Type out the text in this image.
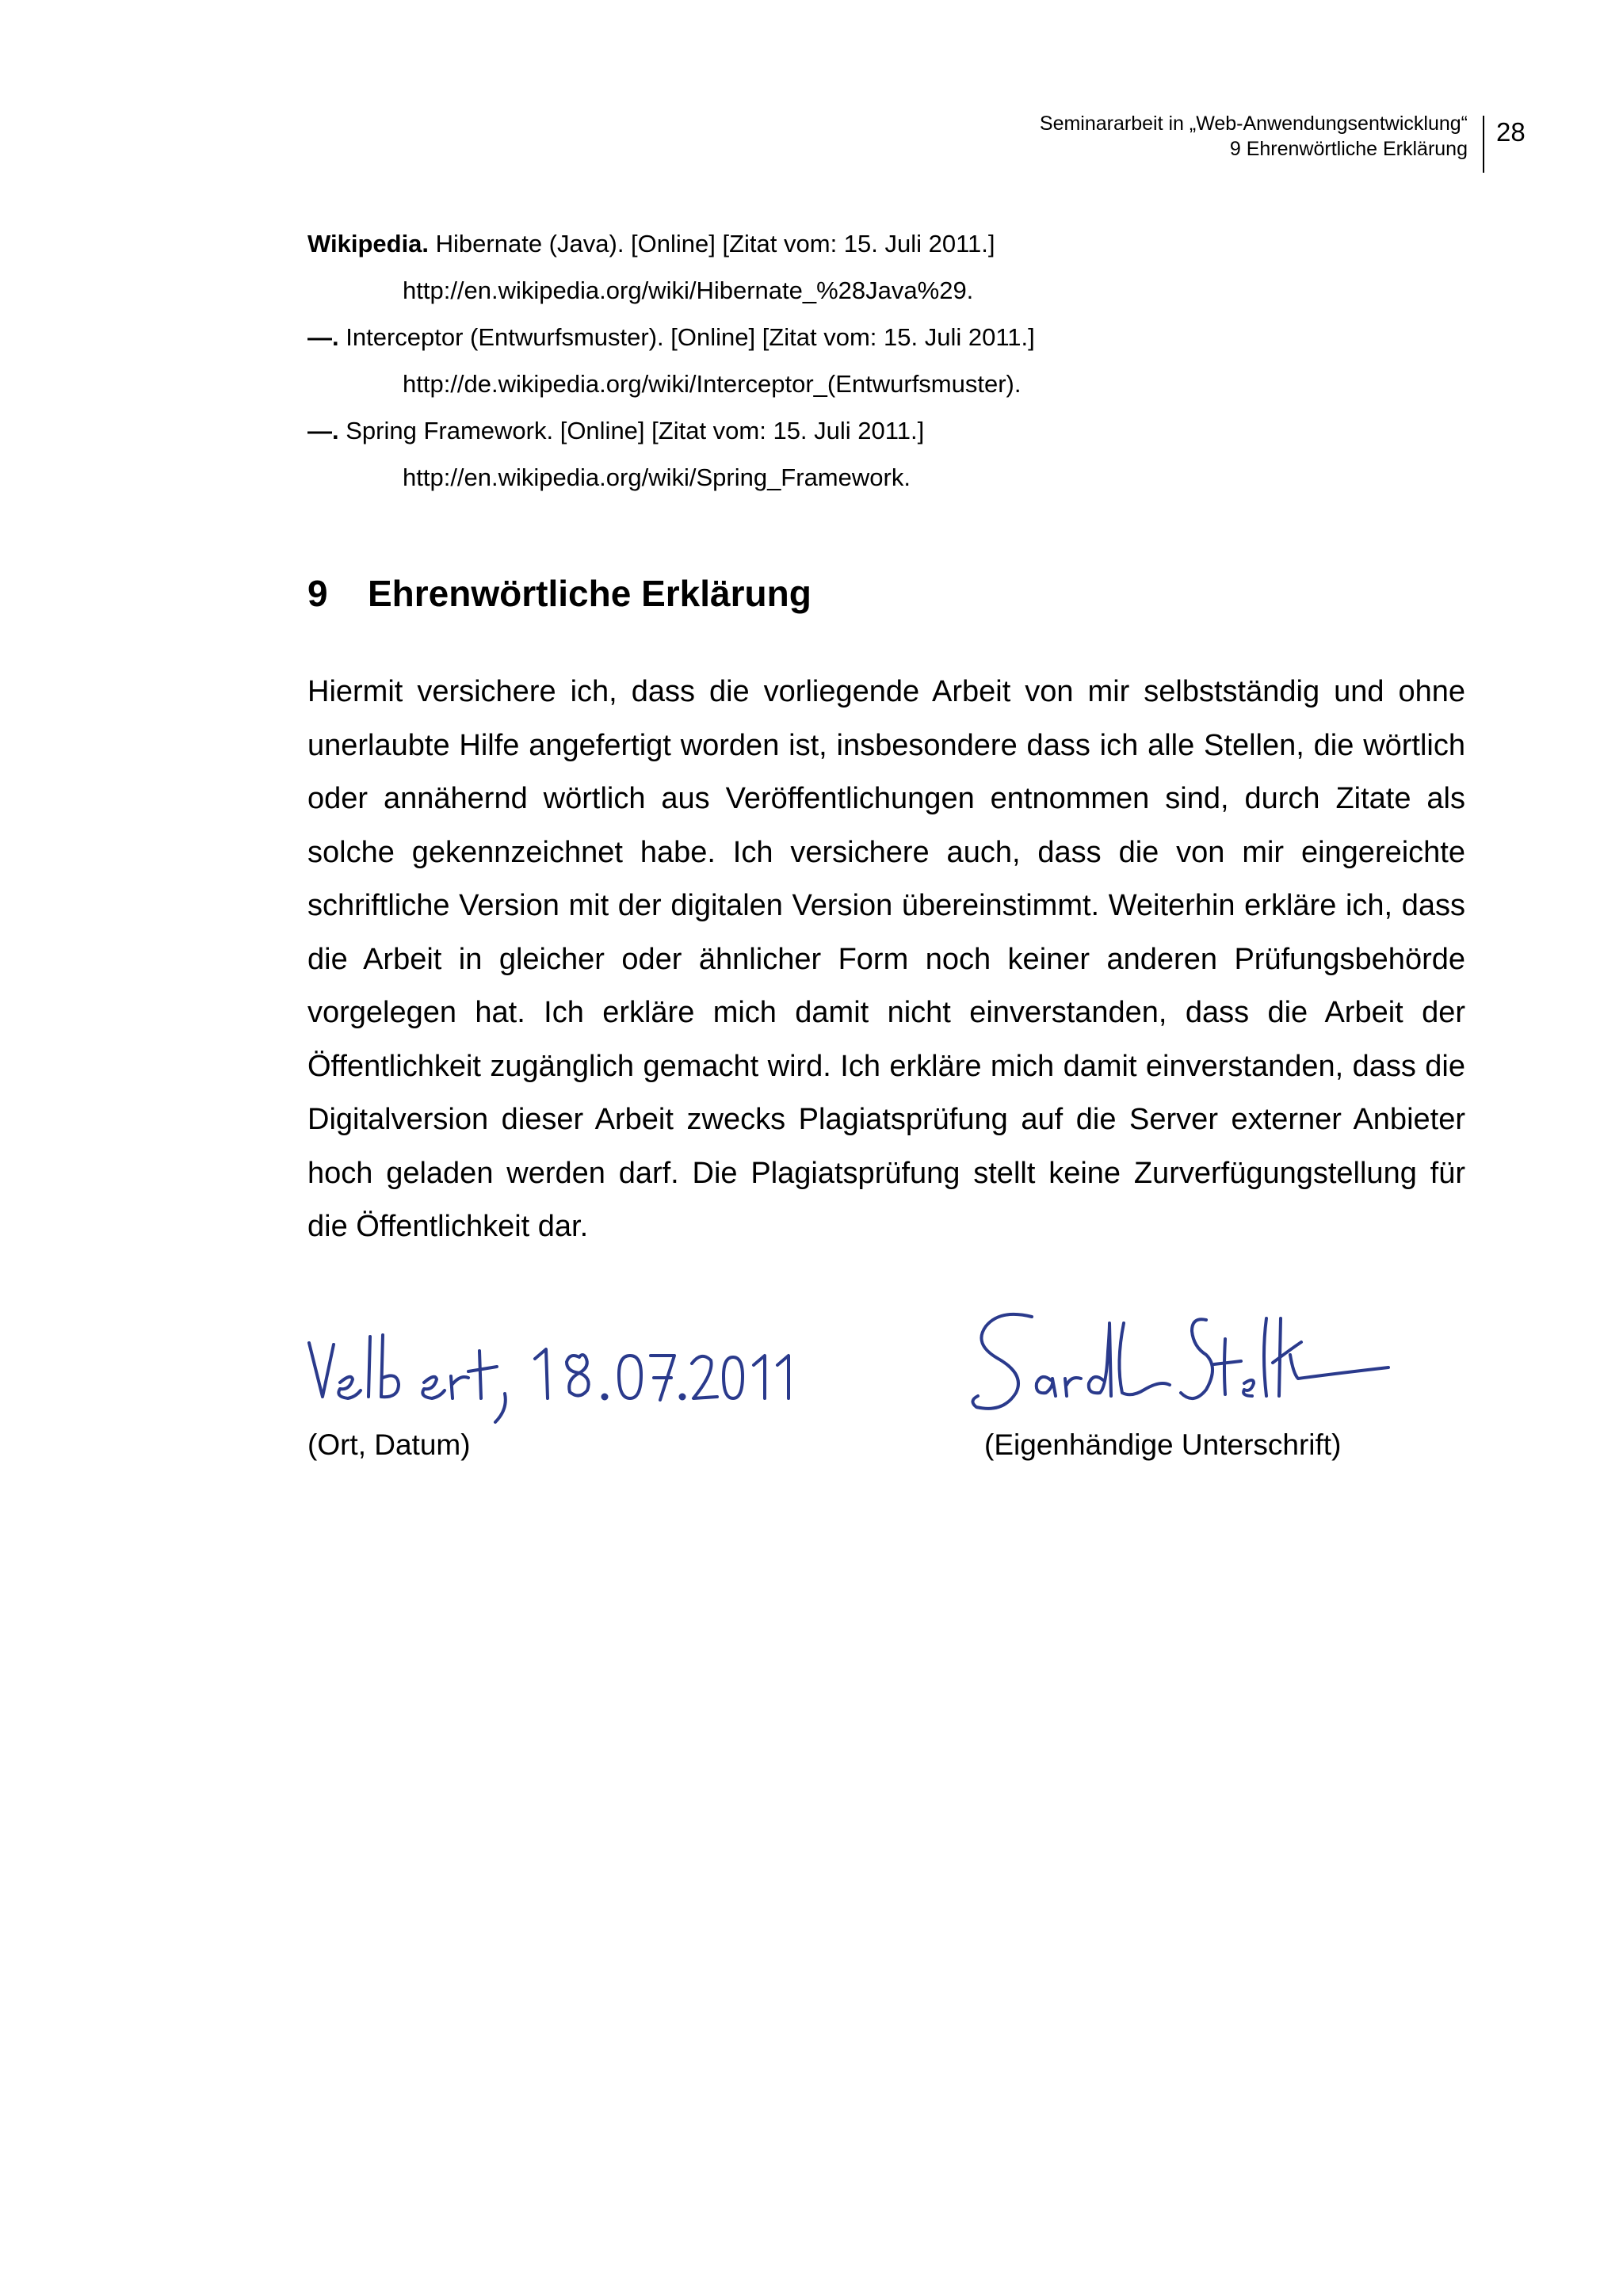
Seminararbeit in „Web-Anwendungsentwicklung“
9 Ehrenwörtliche Erklärung
28
Wikipedia. Hibernate (Java). [Online] [Zitat vom: 15. Juli 2011.]
http://en.wikipedia.org/wiki/Hibernate_%28Java%29.
—. Interceptor (Entwurfsmuster). [Online] [Zitat vom: 15. Juli 2011.]
http://de.wikipedia.org/wiki/Interceptor_(Entwurfsmuster).
—. Spring Framework. [Online] [Zitat vom: 15. Juli 2011.]
http://en.wikipedia.org/wiki/Spring_Framework.
9 Ehrenwörtliche Erklärung
Hiermit versichere ich, dass die vorliegende Arbeit von mir selbstständig und ohne unerlaubte Hilfe angefertigt worden ist, insbesondere dass ich alle Stellen, die wörtlich oder annähernd wörtlich aus Veröffentlichungen entnommen sind, durch Zitate als solche gekennzeichnet habe. Ich versichere auch, dass die von mir eingereichte schriftliche Version mit der digitalen Version übereinstimmt. Weiterhin erkläre ich, dass die Arbeit in gleicher oder ähnlicher Form noch keiner anderen Prüfungsbehörde vorgelegen hat. Ich erkläre mich damit nicht einverstanden, dass die Arbeit der Öffentlichkeit zugänglich gemacht wird. Ich erkläre mich damit einverstanden, dass die Digitalversion dieser Arbeit zwecks Plagiatsprüfung auf die Server externer Anbieter hoch geladen werden darf. Die Plagiatsprüfung stellt keine Zurverfügungstellung für die Öffentlichkeit dar.
(Ort, Datum)	(Eigenhändige Unterschrift)
